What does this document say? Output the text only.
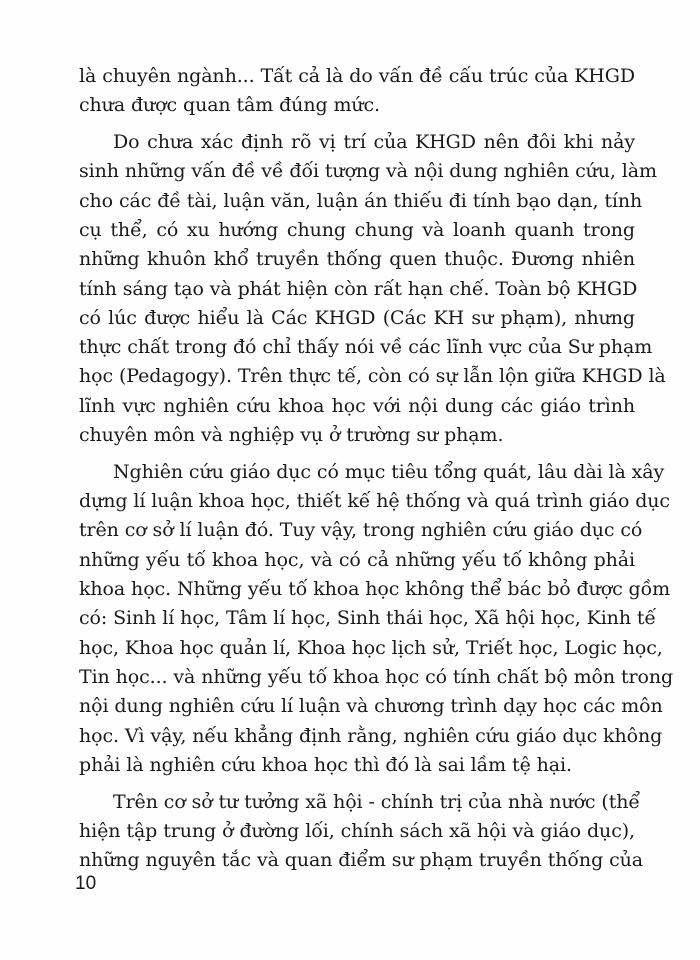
là chuyên ngành... Tất cả là do vấn đề cấu trúc của KHGD
chưa được quan tâm đúng mức.

Do chưa xác định rõ vị trí của KHGD nên đôi khi nảy
sinh những vấn đề về đối tượng và nội dung nghiên cứu, làm
cho các đề tài, luận văn, luận án thiếu đi tính bạo dạn, tính
cụ thể, có xu hướng chung chung và loanh quanh trong
những khuôn khổ truyền thống quen thuộc. Đương nhiên
tính sáng tạo và phát hiện còn rất hạn chế. Toàn bộ KHGD
có lúc được hiểu là Các KHGD (Các KH sư phạm), nhưng
thực chất trong đó chỉ thấy nói về các lĩnh vực của Sư phạm
học (Pedagogy). Trên thực tế, còn có sự lẫn lộn giữa KHGD là
lĩnh vực nghiên cứu khoa học với nội dung các giáo trình
chuyên môn và nghiệp vụ ở trường sư phạm.

Nghiên cứu giáo dục có mục tiêu tổng quát, lâu dài là xây
dựng lí luận khoa học, thiết kế hệ thống và quá trình giáo dục
trên cơ sở lí luận đó. Tuy vậy, trong nghiên cứu giáo dục có
những yếu tố khoa học, và có cả những yếu tố không phải
khoa học. Những yếu tố khoa học không thể bác bỏ được gồm
có: Sinh lí học, Tâm lí học, Sinh thái học, Xã hội học, Kinh tế
học, Khoa học quản lí, Khoa học lịch sử, Triết học, Logic học,
Tin học... và những yếu tố khoa học có tính chất bộ môn trong
nội dung nghiên cứu lí luận và chương trình dạy học các môn
học. Vì vậy, nếu khẳng định rằng, nghiên cứu giáo dục không
phải là nghiên cứu khoa học thì đó là sai lầm tệ hại.

Trên cơ sở tư tưởng xã hội - chính trị của nhà nước (thể
hiện tập trung ở đường lối, chính sách xã hội và giáo dục),
những nguyên tắc và quan điểm sư phạm truyền thống của

10
